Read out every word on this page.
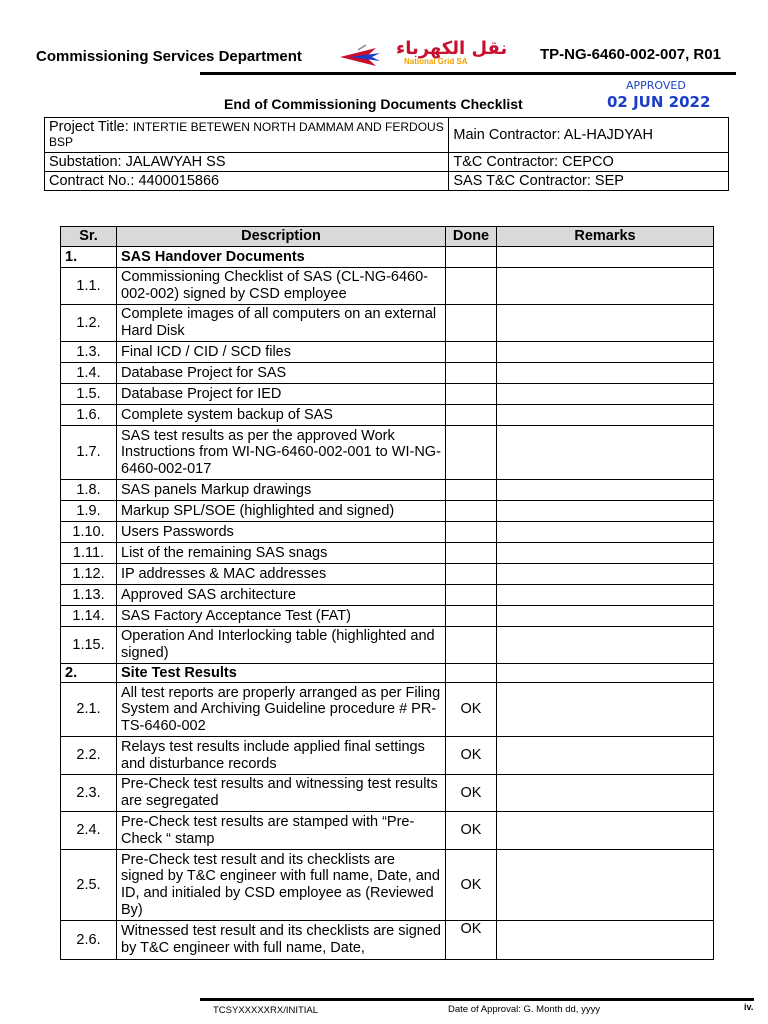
Commissioning Services Department	نقل الكهرباء
National Grid SA	TP-NG-6460-002-007, R01
APPROVED
02 JUN 2022
End of Commissioning Documents Checklist
Project Title: INTERTIE BETEWEN NORTH DAMMAM AND FERDOUS BSP	Main Contractor: AL-HAJDYAH
Substation: JALAWYAH SS	T&C Contractor: CEPCO
Contract No.: 4400015866	SAS T&C Contractor: SEP
Sr.	Description	Done	Remarks
1.	SAS Handover Documents		
1.1.	Commissioning Checklist of SAS (CL-NG-6460-002-002) signed by CSD employee		
1.2.	Complete images of all computers on an external Hard Disk		
1.3.	Final ICD / CID / SCD files		
1.4.	Database Project for SAS		
1.5.	Database Project for IED		
1.6.	Complete system backup of SAS		
1.7.	SAS test results as per the approved Work Instructions from WI-NG-6460-002-001 to WI-NG-6460-002-017		
1.8.	SAS panels Markup drawings		
1.9.	Markup SPL/SOE (highlighted and signed)		
1.10.	Users Passwords		
1.11.	List of the remaining SAS snags		
1.12.	IP addresses & MAC addresses		
1.13.	Approved SAS architecture		
1.14.	SAS Factory Acceptance Test (FAT)		
1.15.	Operation And Interlocking table (highlighted and signed)		
2.	Site Test Results		
2.1.	All test reports are properly arranged as per Filing System and Archiving Guideline procedure # PR-TS-6460-002	OK	
2.2.	Relays test results include applied final settings and disturbance records	OK	
2.3.	Pre-Check test results and witnessing test results are segregated	OK	
2.4.	Pre-Check test results are stamped with “Pre-Check “ stamp	OK	
2.5.	Pre-Check test result and its checklists are signed by T&C engineer with full name, Date, and ID, and initialed by CSD employee as (Reviewed By)	OK	
2.6.	Witnessed test result and its checklists are signed by T&C engineer with full name, Date,	OK	
TCSYXXXXXRX/INITIAL	Date of Approval: G. Month dd, yyyy	iv.
